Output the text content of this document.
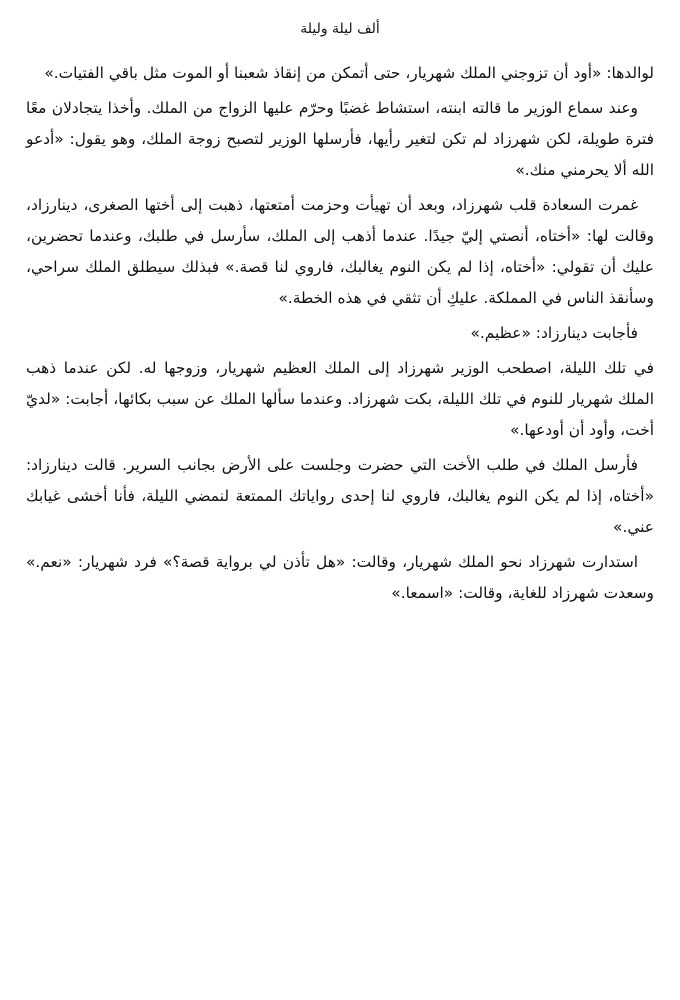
ألف ليلة وليلة

لوالدها: «أود أن تزوجني الملك شهريار، حتى أتمكن من إنقاذ شعبنا أو الموت مثل باقي الفتيات.»

وعند سماع الوزير ما قالته ابنته، استشاط غضبًا وحرّم عليها الزواج من الملك. وأخذا يتجادلان معًا فترة طويلة، لكن شهرزاد لم تكن لتغير رأيها، فأرسلها الوزير لتصبح زوجة الملك، وهو يقول: «أدعو الله ألا يحرمني منك.»

غمرت السعادة قلب شهرزاد، وبعد أن تهيأت وحزمت أمتعتها، ذهبت إلى أختها الصغرى، دينارزاد، وقالت لها: «أختاه، أنصتي إليّ جيدًا. عندما أذهب إلى الملك، سأرسل في طلبك، وعندما تحضرين، عليك أن تقولي: «أختاه، إذا لم يكن النوم يغالبك، فاروي لنا قصة.» فبذلك سيطلق الملك سراحي، وسأنقذ الناس في المملكة. عليكِ أن تثقي في هذه الخطة.»

فأجابت دينارزاد: «عظيم.»

في تلك الليلة، اصطحب الوزير شهرزاد إلى الملك العظيم شهريار، وزوجها له. لكن عندما ذهب الملك شهريار للنوم في تلك الليلة، بكت شهرزاد. وعندما سألها الملك عن سبب بكائها، أجابت: «لديّ أخت، وأود أن أودعها.»

فأرسل الملك في طلب الأخت التي حضرت وجلست على الأرض بجانب السرير. قالت دينارزاد: «أختاه، إذا لم يكن النوم يغالبك، فاروي لنا إحدى رواياتك الممتعة لنمضي الليلة، فأنا أخشى غيابك عني.»

استدارت شهرزاد نحو الملك شهريار، وقالت: «هل تأذن لي برواية قصة؟» فرد شهريار: «نعم.» وسعدت شهرزاد للغاية، وقالت: «اسمعا.»
